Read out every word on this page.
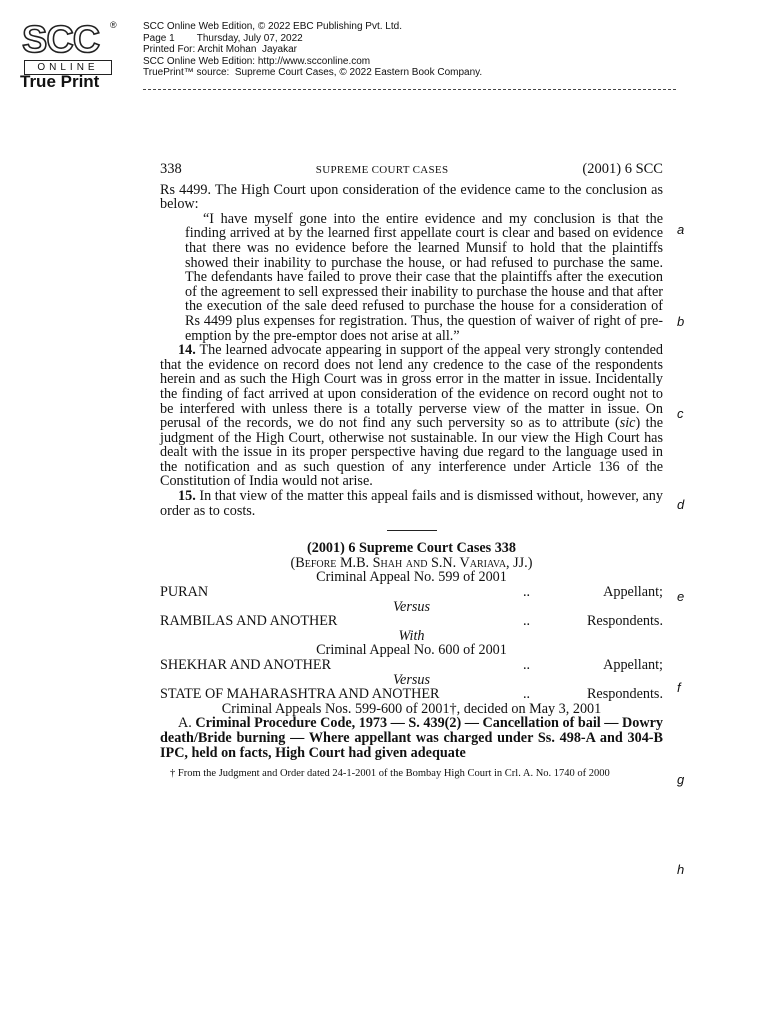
SCC ®
ONLINE
True Print
SCC Online Web Edition, © 2022 EBC Publishing Pvt. Ltd.
Page 1        Thursday, July 07, 2022
Printed For: Archit Mohan  Jayakar
SCC Online Web Edition: http://www.scconline.com
TruePrint™ source:  Supreme Court Cases, © 2022 Eastern Book Company.
338	SUPREME COURT CASES	(2001) 6 SCC

Rs 4499. The High Court upon consideration of the evidence came to the conclusion as below:

“I have myself gone into the entire evidence and my conclusion is that the finding arrived at by the learned first appellate court is clear and based on evidence that there was no evidence before the learned Munsif to hold that the plaintiffs showed their inability to purchase the house, or had refused to purchase the same. The defendants have failed to prove their case that the plaintiffs after the execution of the agreement to sell expressed their inability to purchase the house and that after the execution of the sale deed refused to purchase the house for a consideration of Rs 4499 plus expenses for registration. Thus, the question of waiver of right of pre-emption by the pre-emptor does not arise at all.”

14. The learned advocate appearing in support of the appeal very strongly contended that the evidence on record does not lend any credence to the case of the respondents herein and as such the High Court was in gross error in the matter in issue. Incidentally the finding of fact arrived at upon consideration of the evidence on record ought not to be interfered with unless there is a totally perverse view of the matter in issue. On perusal of the records, we do not find any such perversity so as to attribute (sic) the judgment of the High Court, otherwise not sustainable. In our view the High Court has dealt with the issue in its proper perspective having due regard to the language used in the notification and as such question of any interference under Article 136 of the Constitution of India would not arise.

15. In that view of the matter this appeal fails and is dismissed without, however, any order as to costs.

(2001) 6 Supreme Court Cases 338

(Before M.B. Shah and S.N. Variava, JJ.)

Criminal Appeal No. 599 of 2001

PURAN	..	Appellant;
Versus
RAMBILAS AND ANOTHER	..	Respondents.
With

Criminal Appeal No. 600 of 2001

SHEKHAR AND ANOTHER	..	Appellant;
Versus
STATE OF MAHARASHTRA AND ANOTHER	..	Respondents.

Criminal Appeals Nos. 599-600 of 2001†, decided on May 3, 2001

A. Criminal Procedure Code, 1973 — S. 439(2) — Cancellation of bail — Dowry death/Bride burning — Where appellant was charged under Ss. 498-A and 304-B IPC, held on facts, High Court had given adequate

† From the Judgment and Order dated 24-1-2001 of the Bombay High Court in Crl. A. No. 1740 of 2000

a
b
c
d
e
f
g
h
